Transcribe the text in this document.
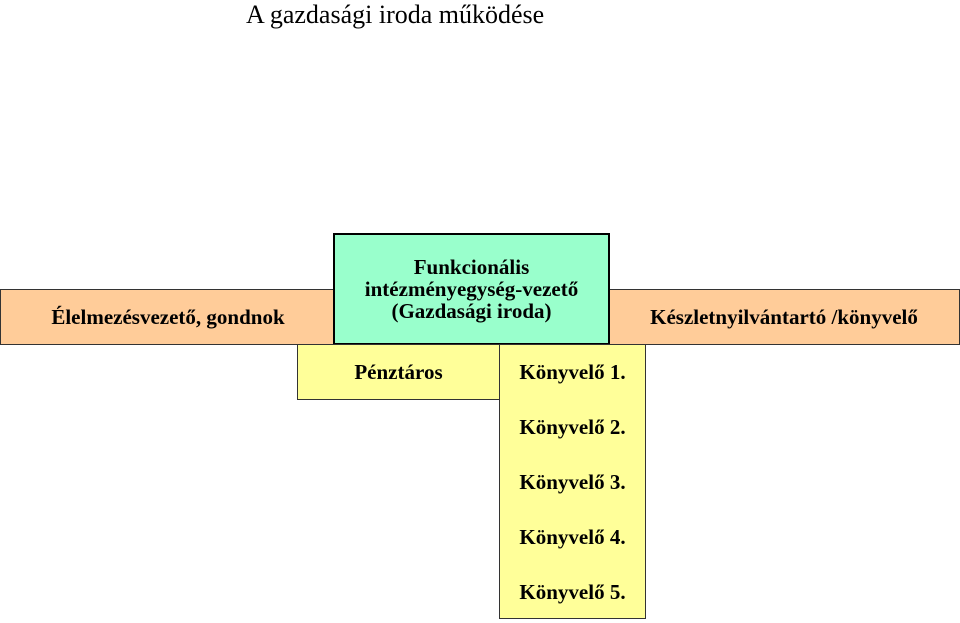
A gazdasági iroda működése
Élelmezésvezető, gondnok	Készletnyilvántartó /könyvelő
Funkcionális
intézményegység-vezető
(Gazdasági iroda)
Pénztáros	Könyvelő 1.
Könyvelő 2.
Könyvelő 3.
Könyvelő 4.
Könyvelő 5.
